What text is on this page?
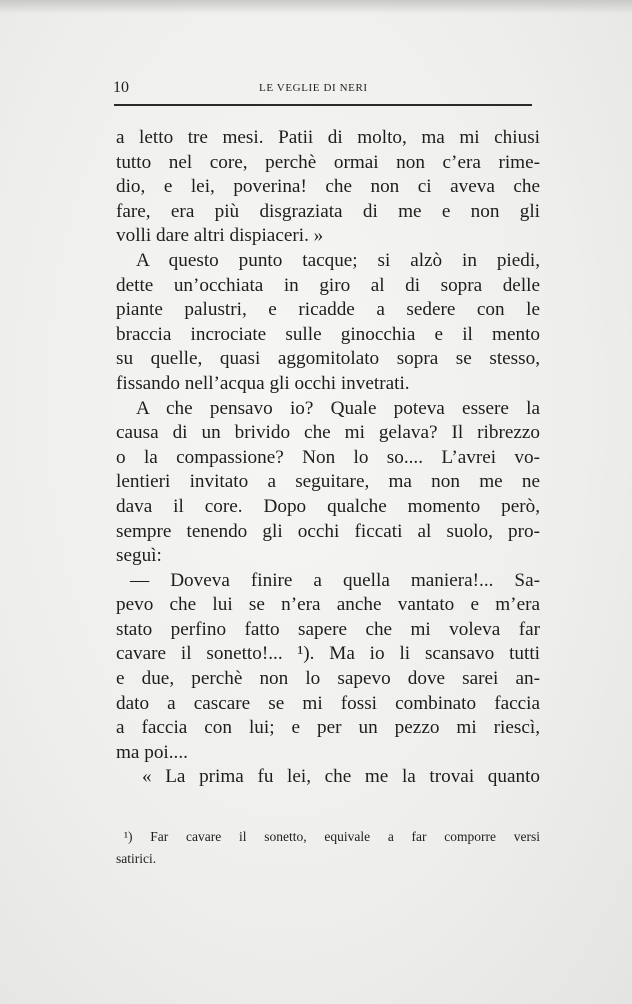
10	LE VEGLIE DI NERI
a letto tre mesi. Patii di molto, ma mi chiusi
tutto nel core, perchè ormai non c’era rime-
dio, e lei, poverina! che non ci aveva che
fare, era più disgraziata di me e non gli
volli dare altri dispiaceri. »
A questo punto tacque; si alzò in piedi,
dette un’occhiata in giro al di sopra delle
piante palustri, e ricadde a sedere con le
braccia incrociate sulle ginocchia e il mento
su quelle, quasi aggomitolato sopra se stesso,
fissando nell’acqua gli occhi invetrati.
A che pensavo io? Quale poteva essere la
causa di un brivido che mi gelava? Il ribrezzo
o la compassione? Non lo so.... L’avrei vo-
lentieri invitato a seguitare, ma non me ne
dava il core. Dopo qualche momento però,
sempre tenendo gli occhi ficcati al suolo, pro-
seguì:
— Doveva finire a quella maniera!... Sa-
pevo che lui se n’era anche vantato e m’era
stato perfino fatto sapere che mi voleva far
cavare il sonetto!... ¹). Ma io li scansavo tutti
e due, perchè non lo sapevo dove sarei an-
dato a cascare se mi fossi combinato faccia
a faccia con lui; e per un pezzo mi riescì,
ma poi....
« La prima fu lei, che me la trovai quanto
¹) Far cavare il sonetto, equivale a far comporre versi
satirici.
